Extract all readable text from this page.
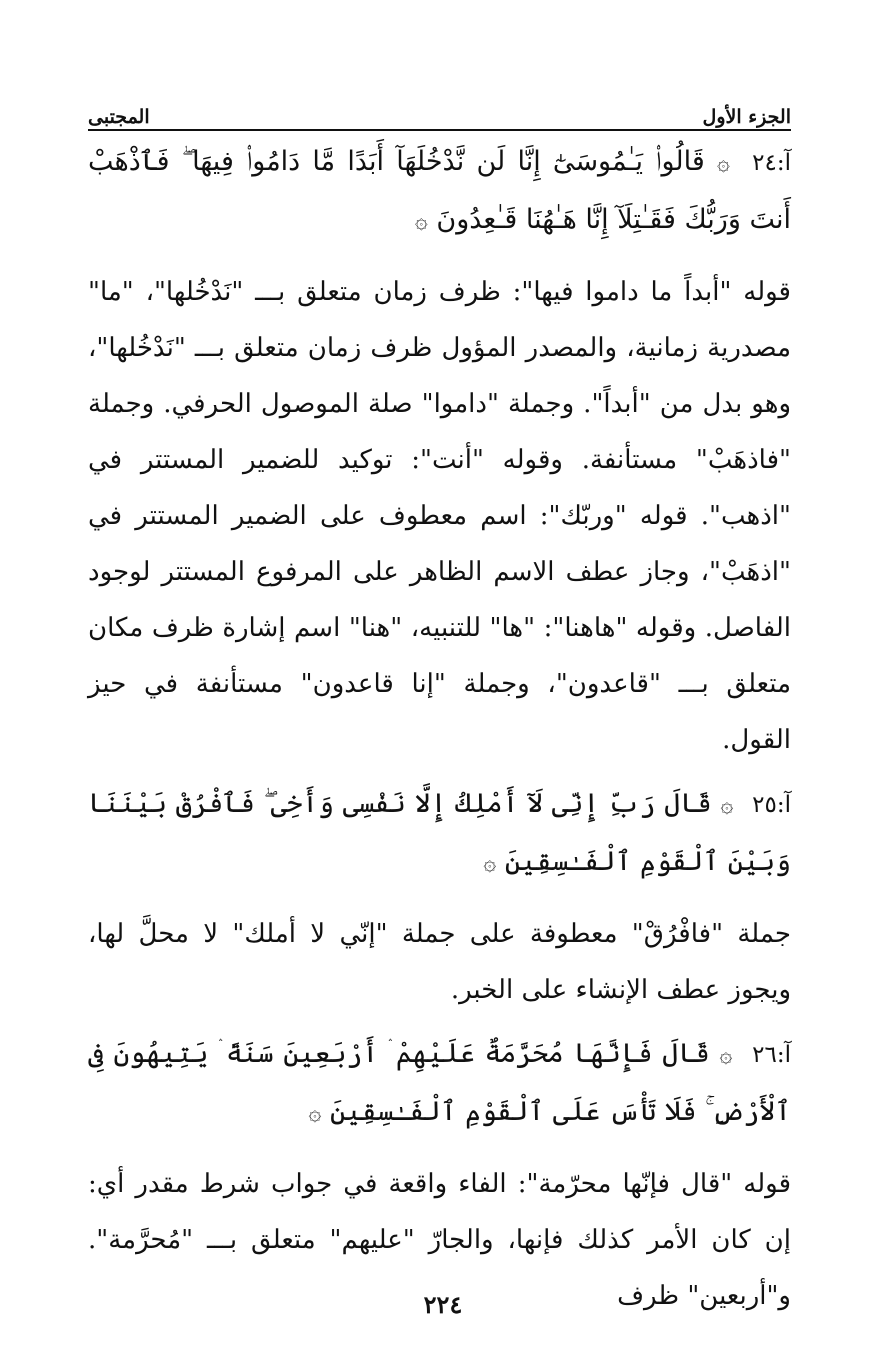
الجزء الأول
المجتبى
آ:٢٤ ۞ قَالُوا۟ يَـٰمُوسَىٰٓ إِنَّا لَن نَّدْخُلَهَآ أَبَدًا مَّا دَامُوا۟ فِيهَا ۖ فَٱذْهَبْ أَنتَ وَرَبُّكَ فَقَـٰتِلَآ إِنَّا هَـٰهُنَا قَـٰعِدُونَ ۞
قوله "أبداً ما داموا فيها": ظرف زمان متعلق بـــ "نَدْخُلها"، "ما" مصدرية زمانية، والمصدر المؤول ظرف زمان متعلق بـــ "نَدْخُلها"، وهو بدل من "أبداً". وجملة "داموا" صلة الموصول الحرفي. وجملة "فاذهَبْ" مستأنفة. وقوله "أنت": توكيد للضمير المستتر في "اذهب". قوله "وربّك": اسم معطوف على الضمير المستتر في "اذهَبْ"، وجاز عطف الاسم الظاهر على المرفوع المستتر لوجود الفاصل. وقوله "هاهنا": "ها" للتنبيه، "هنا" اسم إشارة ظرف مكان متعلق بـــ "قاعدون"، وجملة "إنا قاعدون" مستأنفة في حيز القول.
آ:٢٥ ۞ قَالَ رَبِّ إِنِّى لَآ أَمْلِكُ إِلَّا نَفْسِى وَأَخِى ۖ فَٱفْرُقْ بَيْنَنَا وَبَيْنَ ٱلْقَوْمِ ٱلْفَـٰسِقِينَ ۞
جملة "فافْرُقْ" معطوفة على جملة "إنّي لا أملك" لا محلَّ لها، ويجوز عطف الإنشاء على الخبر.
آ:٢٦ ۞ قَالَ فَإِنَّهَا مُحَرَّمَةٌ عَلَيْهِمْ ۛ أَرْبَعِينَ سَنَةً ۛ يَتِيهُونَ فِى ٱلْأَرْضِ ۚ فَلَا تَأْسَ عَلَى ٱلْقَوْمِ ٱلْفَـٰسِقِينَ ۞
قوله "قال فإنّها محرّمة": الفاء واقعة في جواب شرط مقدر أي: إن كان الأمر كذلك فإنها، والجارّ "عليهم" متعلق بـــ "مُحرَّمة". و"أربعين" ظرف
٢٢٤
